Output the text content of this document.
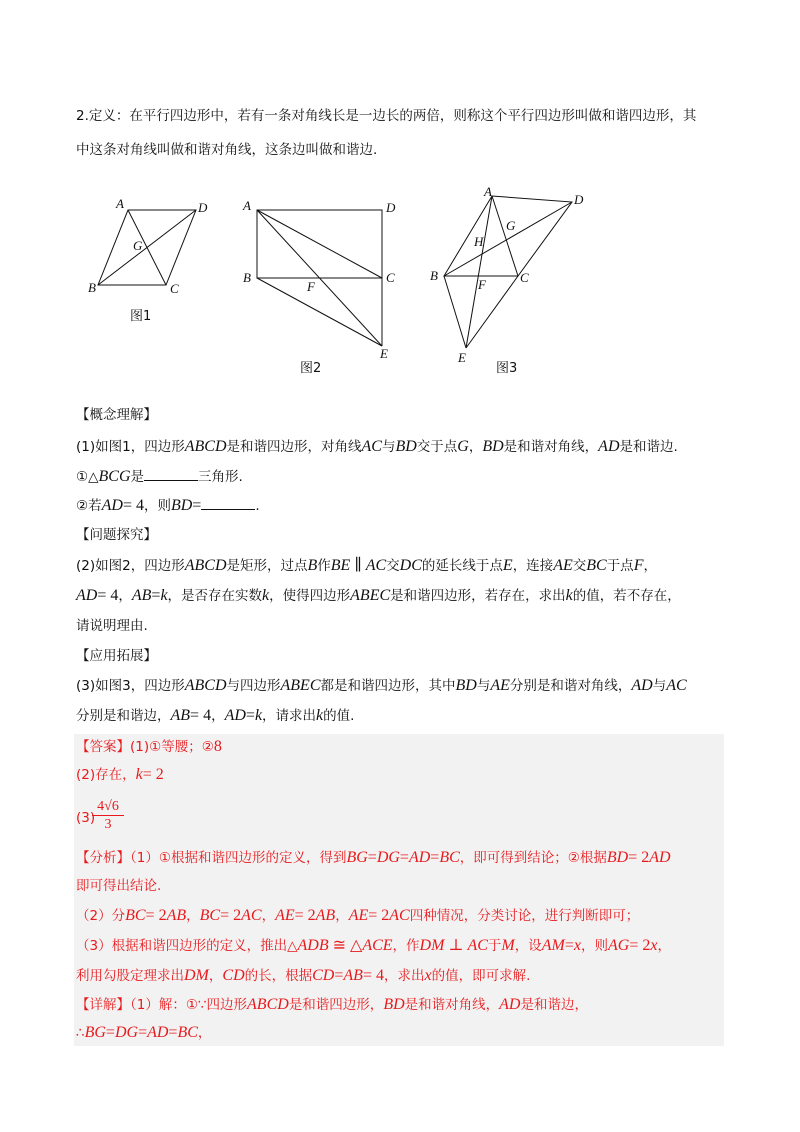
2.定义：在平行四边形中，若有一条对角线长是一边长的两倍，则称这个平行四边形叫做和谐四边形，其
中这条对角线叫做和谐对角线，这条边叫做和谐边.
A	D
G
B	C
图1
A	D
B	C
F
E
图2
A
D
G
H
B	C
F
E
图3
【概念理解】
(1)如图1，四边形ABCD是和谐四边形，对角线AC与BD交于点G，BD是和谐对角线，AD是和谐边.
①△BCG是	三角形.
②若AD= 4，则BD=	.
【问题探究】
(2)如图2，四边形ABCD是矩形，过点B作BE ∥ AC交DC的延长线于点E，连接AE交BC于点F，
AD= 4，AB=k，是否存在实数k，使得四边形ABEC是和谐四边形，若存在，求出k的值，若不存在，
请说明理由.
【应用拓展】
(3)如图3，四边形ABCD与四边形ABEC都是和谐四边形，其中BD与AE分别是和谐对角线，AD与AC
分别是和谐边，AB= 4，AD=k，请求出k的值.
【答案】(1)①等腰；②8
(2)存在，k= 2
(3)
$\frac{4√6}{3}$
【分析】（1）①根据和谐四边形的定义，得到BG=DG=AD=BC，即可得到结论；②根据BD= 2AD
即可得出结论.
（2）分BC= 2AB，BC= 2AC，AE= 2AB，AE= 2AC四种情况，分类讨论，进行判断即可；
（3）根据和谐四边形的定义，推出△ADB ≅ △ACE，作DM ⊥ AC于M，设AM=x，则AG= 2x，
利用勾股定理求出DM，CD的长，根据CD=AB= 4，求出x的值，即可求解.
【详解】（1）解：①∵四边形ABCD是和谐四边形，BD是和谐对角线，AD是和谐边，
∴BG=DG=AD=BC，
